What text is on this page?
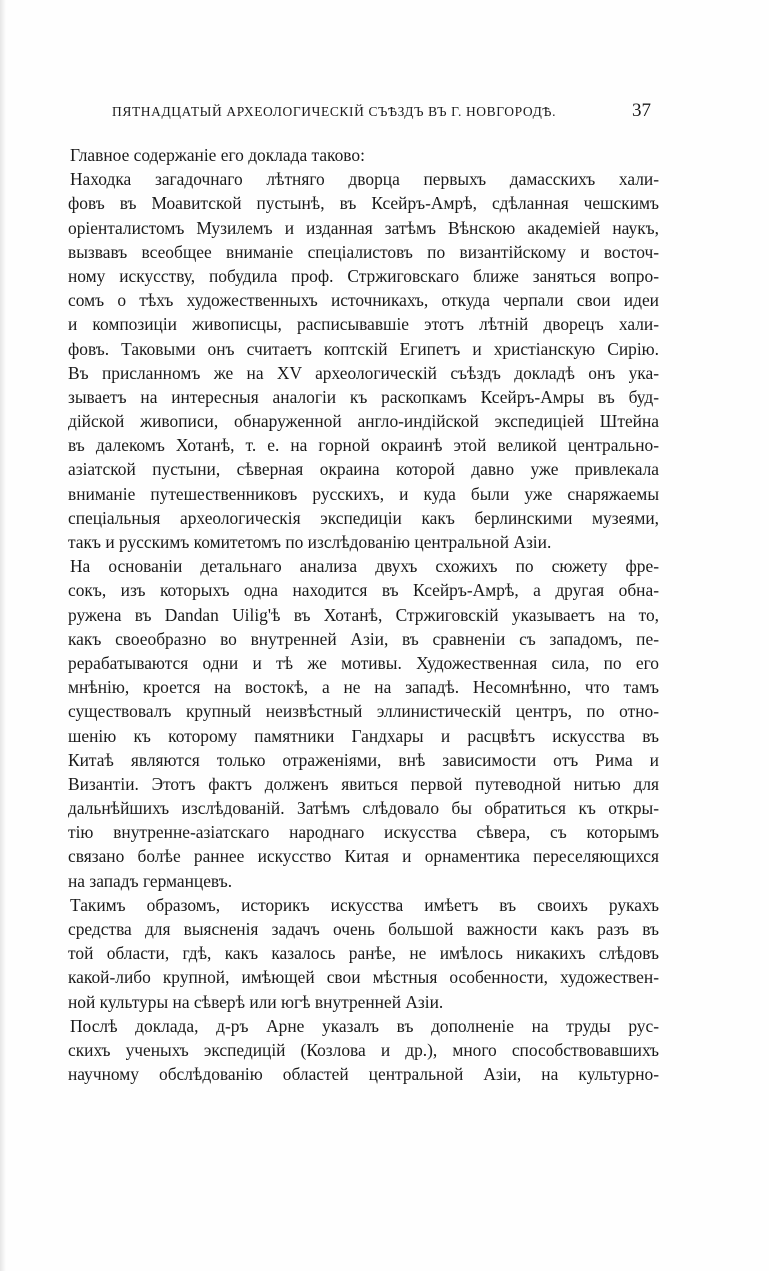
ПЯТНАДЦАТЫЙ АРХЕОЛОГИЧЕСКІЙ СЪѢЗДЪ ВЪ Г. НОВГОРОДѢ.	37
Главное содержаніе его доклада таково:
Находка загадочнаго лѣтняго дворца первыхъ дамасскихъ хали-
фовъ въ Моавитской пустынѣ, въ Ксейръ-Амрѣ, сдѣланная чешскимъ
оріенталистомъ Музилемъ и изданная затѣмъ Вѣнскою академіей наукъ,
вызвавъ всеобщее вниманіе спеціалистовъ по византійскому и восточ-
ному искусству, побудила проф. Стржиговскаго ближе заняться вопро-
сомъ о тѣхъ художественныхъ источникахъ, откуда черпали свои идеи
и композиціи живописцы, расписывавшіе этотъ лѣтній дворецъ хали-
фовъ. Таковыми онъ считаетъ коптскій Египетъ и христіанскую Сирію.
Въ присланномъ же на XV археологическій съѣздъ докладѣ онъ ука-
зываетъ на интересныя аналогіи къ раскопкамъ Ксейръ-Амры въ буд-
дійской живописи, обнаруженной англо-индійской экспедиціей Штейна
въ далекомъ Хотанѣ, т. е. на горной окраинѣ этой великой центрально-
азіатской пустыни, сѣверная окраина которой давно уже привлекала
вниманіе путешественниковъ русскихъ, и куда были уже снаряжаемы
спеціальныя археологическія экспедиціи какъ берлинскими музеями,
такъ и русскимъ комитетомъ по изслѣдованію центральной Азіи.
На основаніи детальнаго анализа двухъ схожихъ по сюжету фре-
сокъ, изъ которыхъ одна находится въ Ксейръ-Амрѣ, а другая обна-
ружена въ Dandan Uilig'ѣ въ Хотанѣ, Стржиговскій указываетъ на то,
какъ своеобразно во внутренней Азіи, въ сравненіи съ западомъ, пе-
рерабатываются одни и тѣ же мотивы. Художественная сила, по его
мнѣнію, кроется на востокѣ, а не на западѣ. Несомнѣнно, что тамъ
существовалъ крупный неизвѣстный эллинистическій центръ, по отно-
шенію къ которому памятники Гандхары и расцвѣтъ искусства въ
Китаѣ являются только отраженіями, внѣ зависимости отъ Рима и
Византіи. Этотъ фактъ долженъ явиться первой путеводной нитью для
дальнѣйшихъ изслѣдованій. Затѣмъ слѣдовало бы обратиться къ откры-
тію внутренне-азіатскаго народнаго искусства сѣвера, съ которымъ
связано болѣе раннее искусство Китая и орнаментика переселяющихся
на западъ германцевъ.
Такимъ образомъ, историкъ искусства имѣетъ въ своихъ рукахъ
средства для выясненія задачъ очень большой важности какъ разъ въ
той области, гдѣ, какъ казалось ранѣе, не имѣлось никакихъ слѣдовъ
какой-либо крупной, имѣющей свои мѣстныя особенности, художествен-
ной культуры на сѣверѣ или югѣ внутренней Азіи.
Послѣ доклада, д-ръ Арне указалъ въ дополненіе на труды рус-
скихъ ученыхъ экспедицій (Козлова и др.), много способствовавшихъ
научному обслѣдованію областей центральной Азіи, на культурно-
